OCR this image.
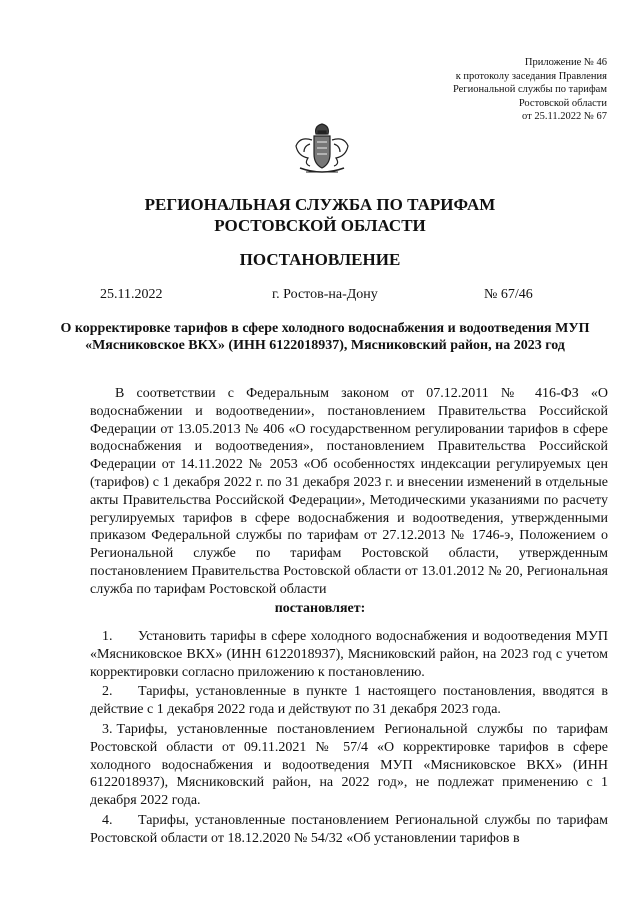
Приложение № 46
к протоколу заседания Правления
Региональной службы по тарифам
Ростовской области
от 25.11.2022 № 67
РЕГИОНАЛЬНАЯ СЛУЖБА ПО ТАРИФАМ
РОСТОВСКОЙ ОБЛАСТИ
ПОСТАНОВЛЕНИЕ
25.11.2022	г. Ростов-на-Дону	№ 67/46
О корректировке тарифов в сфере холодного водоснабжения и водоотведения МУП «Мясниковское ВКХ» (ИНН 6122018937), Мясниковский район, на 2023 год
В соответствии с Федеральным законом от 07.12.2011 № 416-ФЗ «О водоснабжении и водоотведении», постановлением Правительства Российской Федерации от 13.05.2013 № 406 «О государственном регулировании тарифов в сфере водоснабжения и водоотведения», постановлением Правительства Российской Федерации от 14.11.2022 № 2053 «Об особенностях индексации регулируемых цен (тарифов) с 1 декабря 2022 г. по 31 декабря 2023 г. и внесении изменений в отдельные акты Правительства Российской Федерации», Методическими указаниями по расчету регулируемых тарифов в сфере водоснабжения и водоотведения, утвержденными приказом Федеральной службы по тарифам от 27.12.2013 № 1746-э, Положением о Региональной службе по тарифам Ростовской области, утвержденным постановлением Правительства Ростовской области от 13.01.2012 № 20, Региональная служба по тарифам Ростовской области
постановляет:
1. Установить тарифы в сфере холодного водоснабжения и водоотведения МУП «Мясниковское ВКХ» (ИНН 6122018937), Мясниковский район, на 2023 год с учетом корректировки согласно приложению к постановлению.
2. Тарифы, установленные в пункте 1 настоящего постановления, вводятся в действие с 1 декабря 2022 года и действуют по 31 декабря 2023 года.
3. Тарифы, установленные постановлением Региональной службы по тарифам Ростовской области от 09.11.2021 № 57/4 «О корректировке тарифов в сфере холодного водоснабжения и водоотведения МУП «Мясниковское ВКХ» (ИНН 6122018937), Мясниковский район, на 2022 год», не подлежат применению с 1 декабря 2022 года.
4. Тарифы, установленные постановлением Региональной службы по тарифам Ростовской области от 18.12.2020 № 54/32 «Об установлении тарифов в
